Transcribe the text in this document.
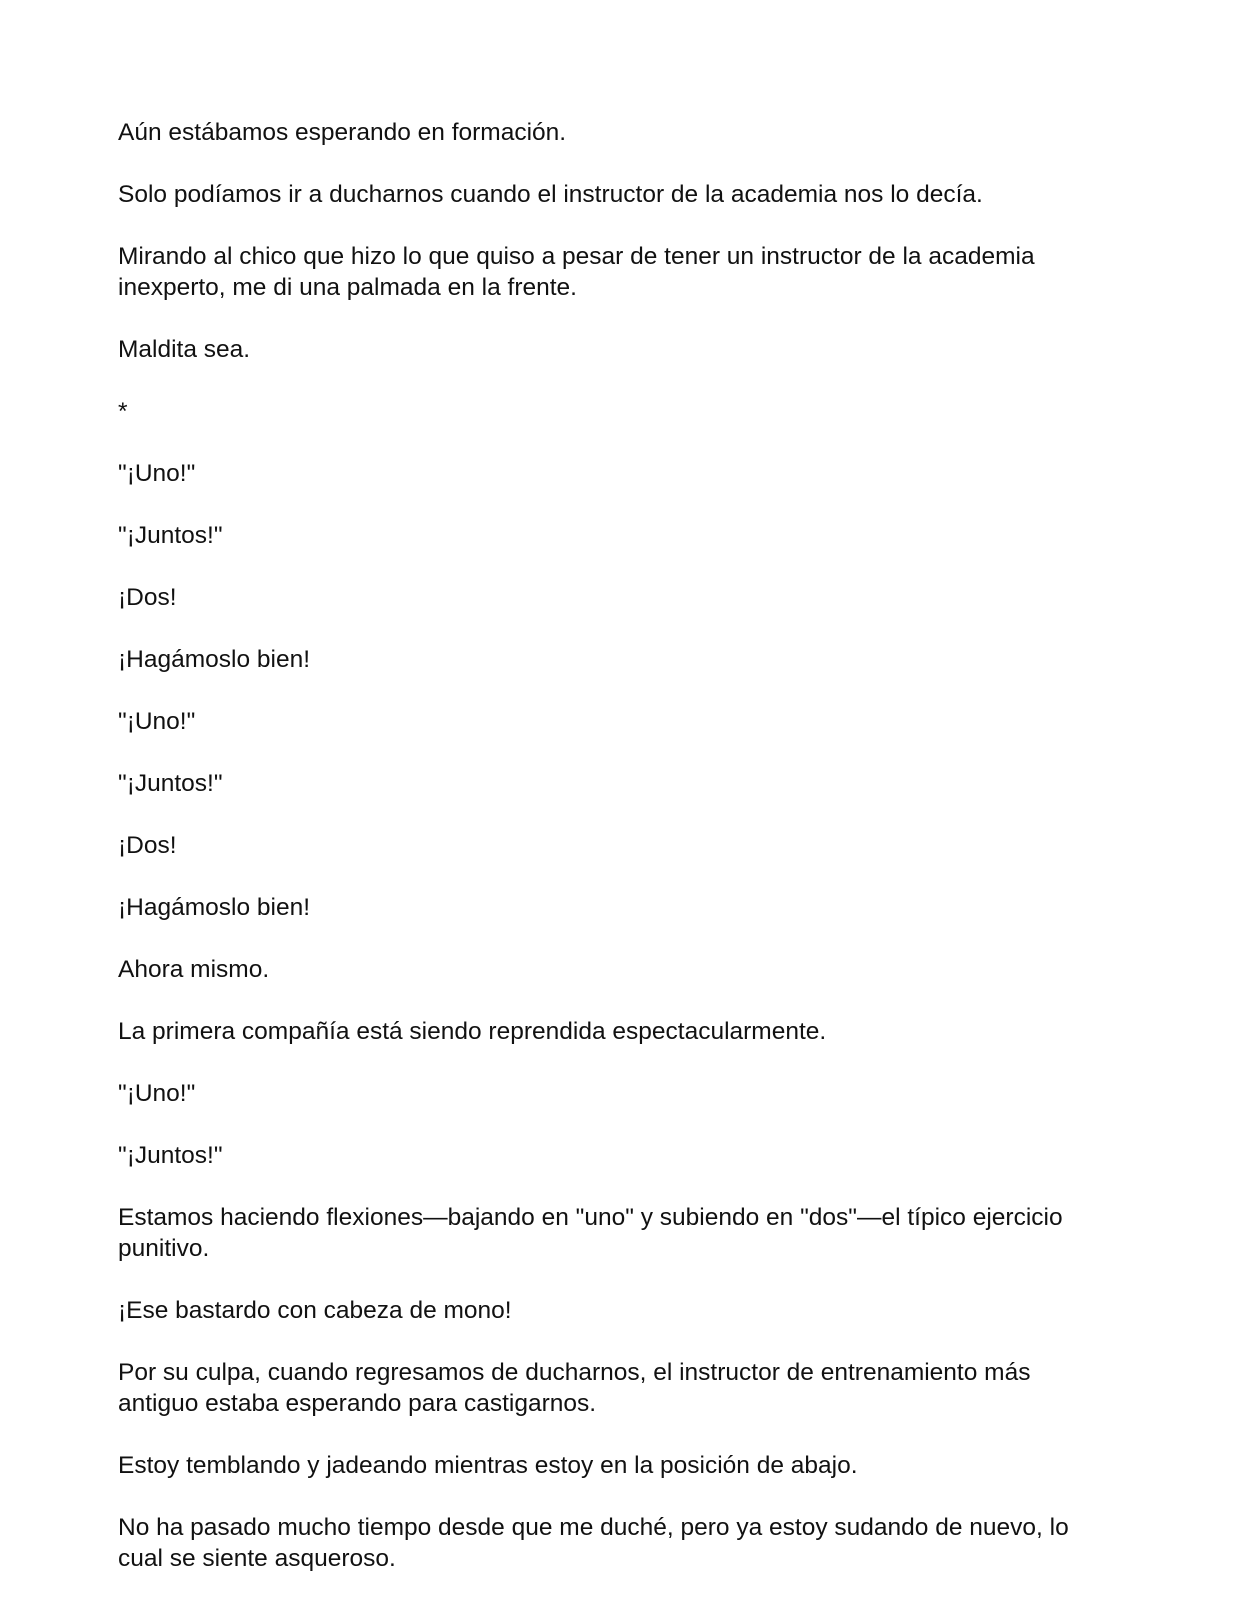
Aún estábamos esperando en formación.

Solo podíamos ir a ducharnos cuando el instructor de la academia nos lo decía.

Mirando al chico que hizo lo que quiso a pesar de tener un instructor de la academia inexperto, me di una palmada en la frente.

Maldita sea.

*

"¡Uno!"

"¡Juntos!"

¡Dos!

¡Hagámoslo bien!

"¡Uno!"

"¡Juntos!"

¡Dos!

¡Hagámoslo bien!

Ahora mismo.

La primera compañía está siendo reprendida espectacularmente.

"¡Uno!"

"¡Juntos!"

Estamos haciendo flexiones—bajando en "uno" y subiendo en "dos"—el típico ejercicio punitivo.

¡Ese bastardo con cabeza de mono!

Por su culpa, cuando regresamos de ducharnos, el instructor de entrenamiento más antiguo estaba esperando para castigarnos.

Estoy temblando y jadeando mientras estoy en la posición de abajo.

No ha pasado mucho tiempo desde que me duché, pero ya estoy sudando de nuevo, lo cual se siente asqueroso.
